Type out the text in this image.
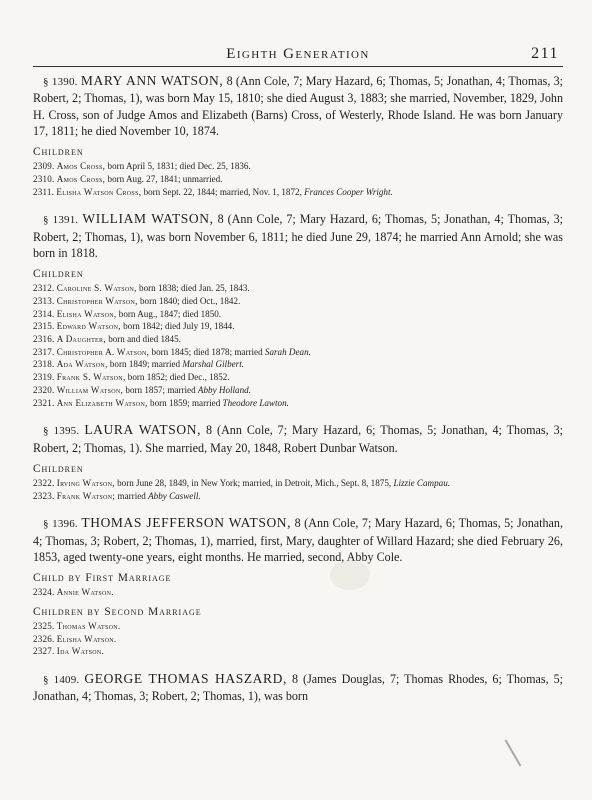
Eighth Generation	211

§ 1390. MARY ANN WATSON, 8 (Ann Cole, 7; Mary Hazard, 6; Thomas, 5; Jonathan, 4; Thomas, 3; Robert, 2; Thomas, 1), was born May 15, 1810; she died August 3, 1883; she married, November, 1829, John H. Cross, son of Judge Amos and Elizabeth (Barns) Cross, of Westerly, Rhode Island. He was born January 17, 1811; he died November 10, 1874.

Children
2309. Amos Cross, born April 5, 1831; died Dec. 25, 1836.
2310. Amos Cross, born Aug. 27, 1841; unmarried.
2311. Elisha Watson Cross, born Sept. 22, 1844; married, Nov. 1, 1872, Frances Cooper Wright.

§ 1391. WILLIAM WATSON, 8 (Ann Cole, 7; Mary Hazard, 6; Thomas, 5; Jonathan, 4; Thomas, 3; Robert, 2; Thomas, 1), was born November 6, 1811; he died June 29, 1874; he married Ann Arnold; she was born in 1818.

Children
2312. Caroline S. Watson, born 1838; died Jan. 25, 1843.
2313. Christopher Watson, born 1840; died Oct., 1842.
2314. Elisha Watson, born Aug., 1847; died 1850.
2315. Edward Watson, born 1842; died July 19, 1844.
2316. A Daughter, born and died 1845.
2317. Christopher A. Watson, born 1845; died 1878; married Sarah Dean.
2318. Ada Watson, born 1849; married Marshal Gilbert.
2319. Frank S. Watson, born 1852; died Dec., 1852.
2320. William Watson, born 1857; married Abby Holland.
2321. Ann Elizabeth Watson, born 1859; married Theodore Lawton.

§ 1395. LAURA WATSON, 8 (Ann Cole, 7; Mary Hazard, 6; Thomas, 5; Jonathan, 4; Thomas, 3; Robert, 2; Thomas, 1). She married, May 20, 1848, Robert Dunbar Watson.

Children
2322. Irving Watson, born June 28, 1849, in New York; married, in Detroit, Mich., Sept. 8, 1875, Lizzie Campau.
2323. Frank Watson; married Abby Caswell.

§ 1396. THOMAS JEFFERSON WATSON, 8 (Ann Cole, 7; Mary Hazard, 6; Thomas, 5; Jonathan, 4; Thomas, 3; Robert, 2; Thomas, 1), married, first, Mary, daughter of Willard Hazard; she died February 26, 1853, aged twenty-one years, eight months. He married, second, Abby Cole.

Child by First Marriage
2324. Annie Watson.
Children by Second Marriage
2325. Thomas Watson.
2326. Elisha Watson.
2327. Ida Watson.

§ 1409. GEORGE THOMAS HASZARD, 8 (James Douglas, 7; Thomas Rhodes, 6; Thomas, 5; Jonathan, 4; Thomas, 3; Robert, 2; Thomas, 1), was born
